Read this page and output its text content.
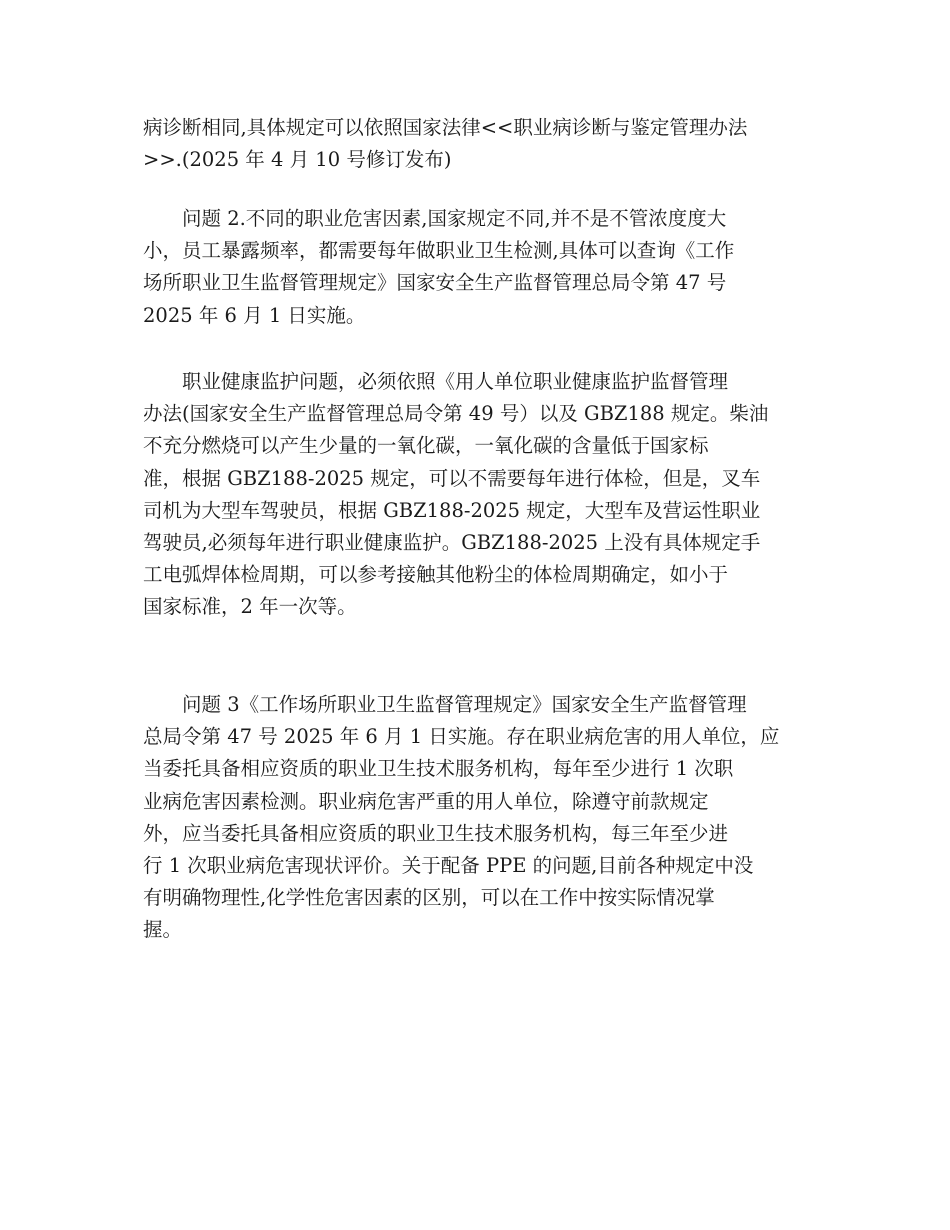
病诊断相同,具体规定可以依照国家法律<<职业病诊断与鉴定管理办法
>>.(2025 年 4 月 10 号修订发布)
　　问题 2.不同的职业危害因素,国家规定不同,并不是不管浓度度大
小，员工暴露频率，都需要每年做职业卫生检测,具体可以查询《工作
场所职业卫生监督管理规定》国家安全生产监督管理总局令第 47 号
2025 年 6 月 1 日实施。
　　职业健康监护问题，必须依照《用人单位职业健康监护监督管理
办法(国家安全生产监督管理总局令第 49 号）以及 GBZ188 规定。柴油
不充分燃烧可以产生少量的一氧化碳，一氧化碳的含量低于国家标
准，根据 GBZ188-2025 规定，可以不需要每年进行体检，但是，叉车
司机为大型车驾驶员，根据 GBZ188-2025 规定，大型车及营运性职业
驾驶员,必须每年进行职业健康监护。GBZ188-2025 上没有具体规定手
工电弧焊体检周期，可以参考接触其他粉尘的体检周期确定，如小于
国家标准，2 年一次等。
　　问题 3《工作场所职业卫生监督管理规定》国家安全生产监督管理
总局令第 47 号 2025 年 6 月 1 日实施。存在职业病危害的用人单位，应
当委托具备相应资质的职业卫生技术服务机构，每年至少进行 1 次职
业病危害因素检测。职业病危害严重的用人单位，除遵守前款规定
外，应当委托具备相应资质的职业卫生技术服务机构，每三年至少进
行 1 次职业病危害现状评价。关于配备 PPE 的问题,目前各种规定中没
有明确物理性,化学性危害因素的区别，可以在工作中按实际情况掌
握。
